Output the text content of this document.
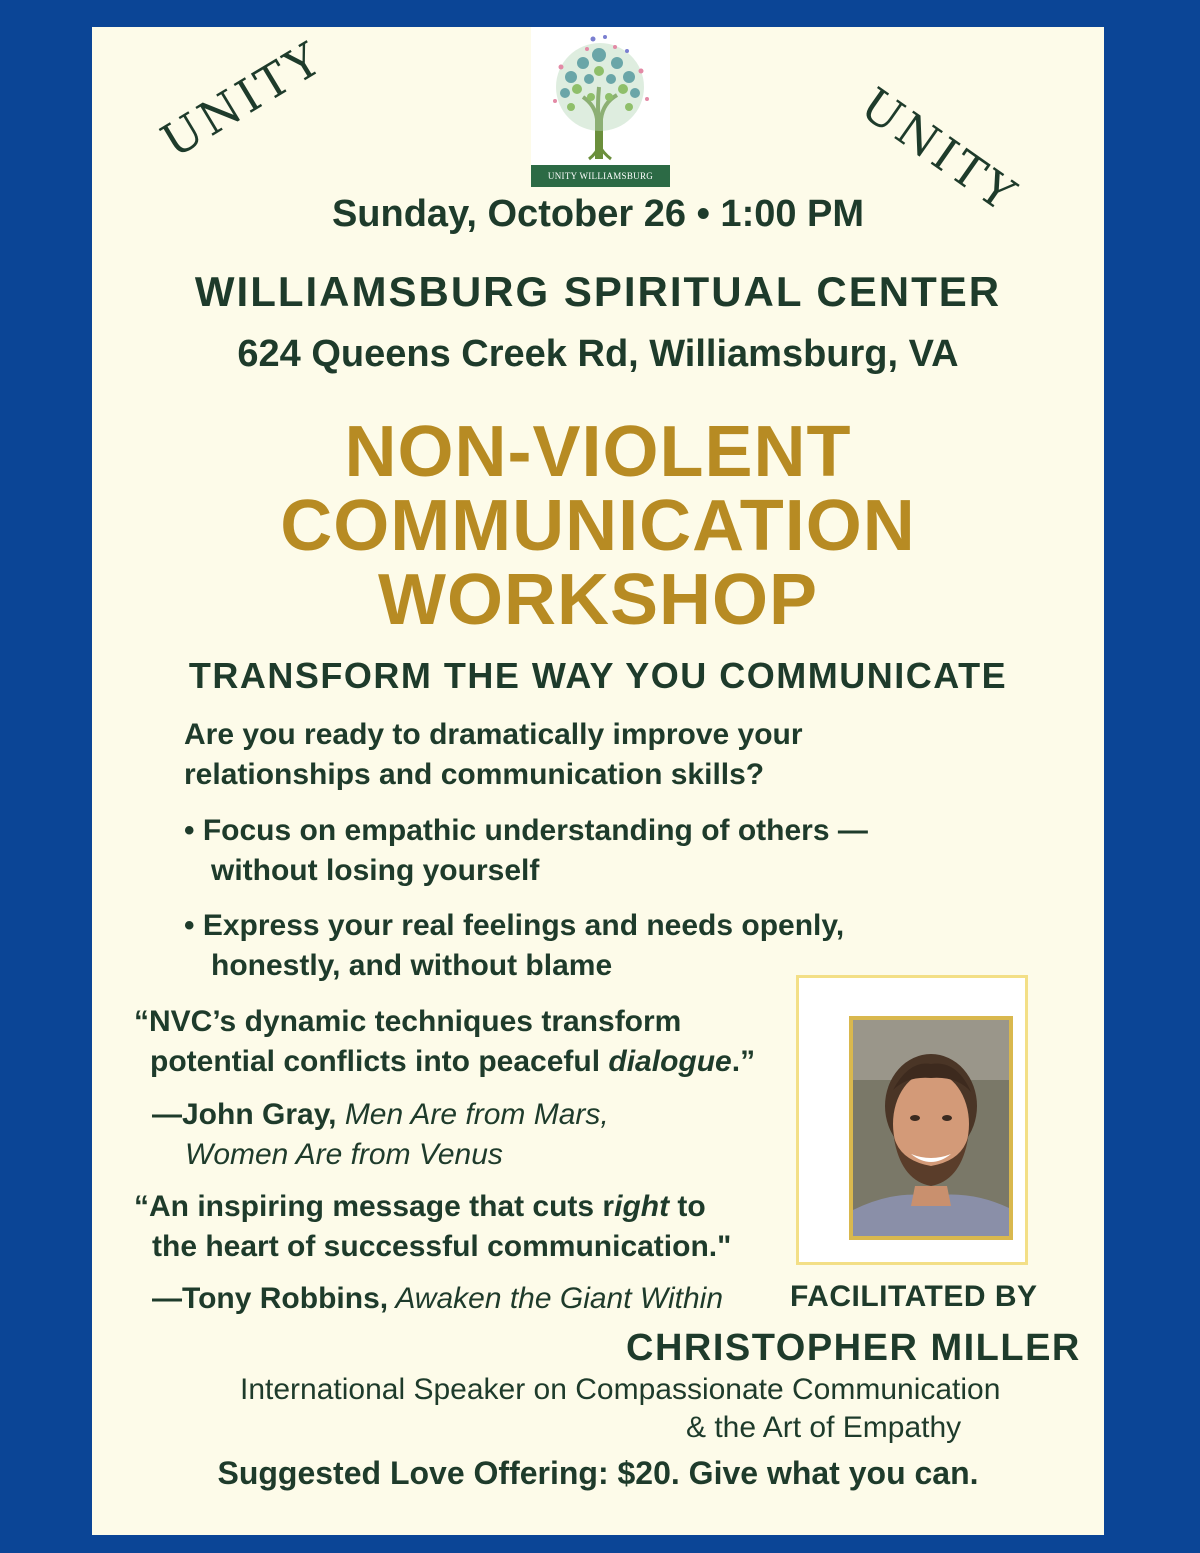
UNITY	UNITY
UNITY WILLIAMSBURG
Sunday, October 26 • 1:00 PM
WILLIAMSBURG SPIRITUAL CENTER
624 Queens Creek Rd, Williamsburg, VA
NON-VIOLENT
COMMUNICATION
WORKSHOP
TRANSFORM THE WAY YOU COMMUNICATE
Are you ready to dramatically improve your
relationships and communication skills?
• Focus on empathic understanding of others —
without losing yourself
• Express your real feelings and needs openly,
honestly, and without blame
“NVC’s dynamic techniques transform
potential conflicts into peaceful dialogue.”
—John Gray, Men Are from Mars,
Women Are from Venus
“An inspiring message that cuts right to
the heart of successful communication."
—Tony Robbins, Awaken the Giant Within FACILITATED BY
CHRISTOPHER MILLER
International Speaker on Compassionate Communication
& the Art of Empathy
Suggested Love Offering: $20. Give what you can.
